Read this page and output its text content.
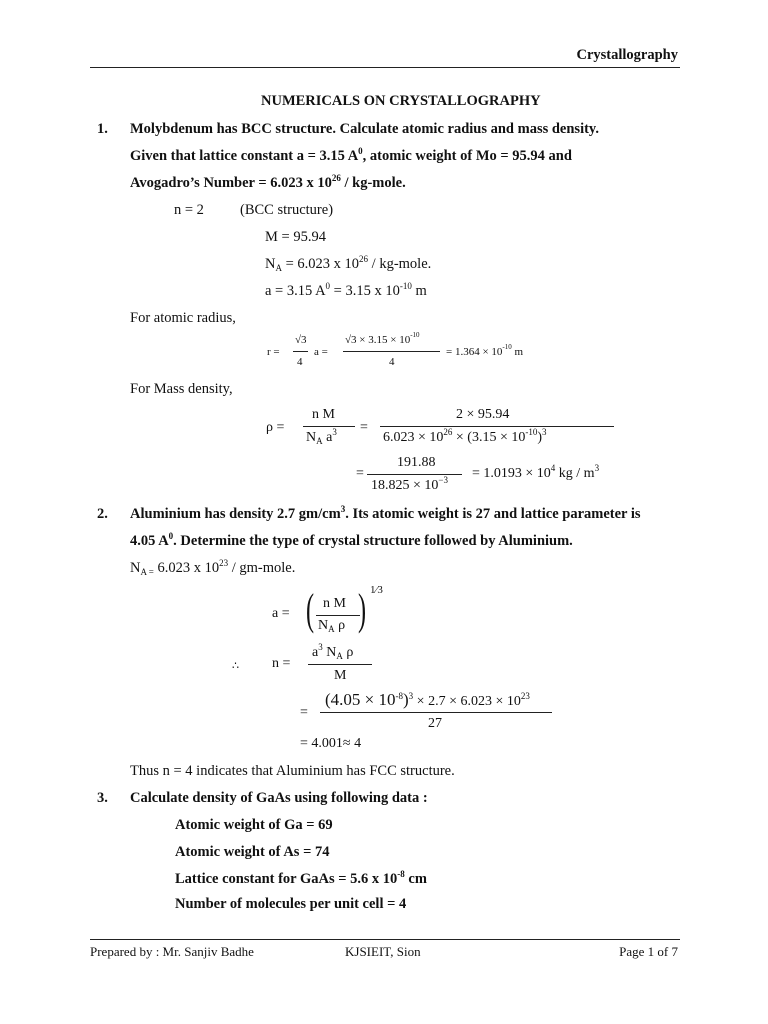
Crystallography
NUMERICALS ON CRYSTALLOGRAPHY
1. Molybdenum has BCC structure. Calculate atomic radius and mass density.
Given that lattice constant a = 3.15 $A^0$, atomic weight of Mo = 95.94 and
Avogadro’s Number = 6.023 x $10^{26}$ / kg-mole.
n = 2 (BCC structure)
M = 95.94
$N_A = 6.023$ x $10^{26}$ / kg-mole.
a = 3.15 $A^0 = 3.15$ x $10^{-10}$ m
For atomic radius,
r =
√3
4
a =
$√3 \times 3.15 \times 10^{-10}$
4
= $1.364 \times 10^{-10}$ m
For Mass density,
ρ =
n M
$N_A$ $a^3$ =
2 × 95.94
$6.023 \times 10^{26} \times (3.15 \times 10^{-10})^3$
=
191.88
$18.825 \times 10^{-3} = 1.0193 \times 10^4$ kg / $m^3$
2. Aluminium has density 2.7 $gm/cm^3$. Its atomic weight is 27 and lattice parameter is
4.05 $A^0$. Determine the type of crystal structure followed by Aluminium.
$N_{A =}$ 6.023 x $10^{23}$ / gm-mole.
a = ( )
n M
$N_A$ ρ
1⁄3
∴ n =
$a^3$ $N_A$ ρ
M
=
$(4.05 \times 10^{-8})^3 \times 2.7 \times 6.023 \times 10^{23}$
27
= 4.001≈ 4
Thus n = 4 indicates that Aluminium has FCC structure.
3. Calculate density of GaAs using following data :
Atomic weight of Ga = 69
Atomic weight of As = 74
Lattice constant for GaAs = 5.6 x $10^{-8}$ cm
Number of molecules per unit cell = 4
Prepared by : Mr. Sanjiv Badhe	KJSIEIT, Sion	Page 1 of 7
